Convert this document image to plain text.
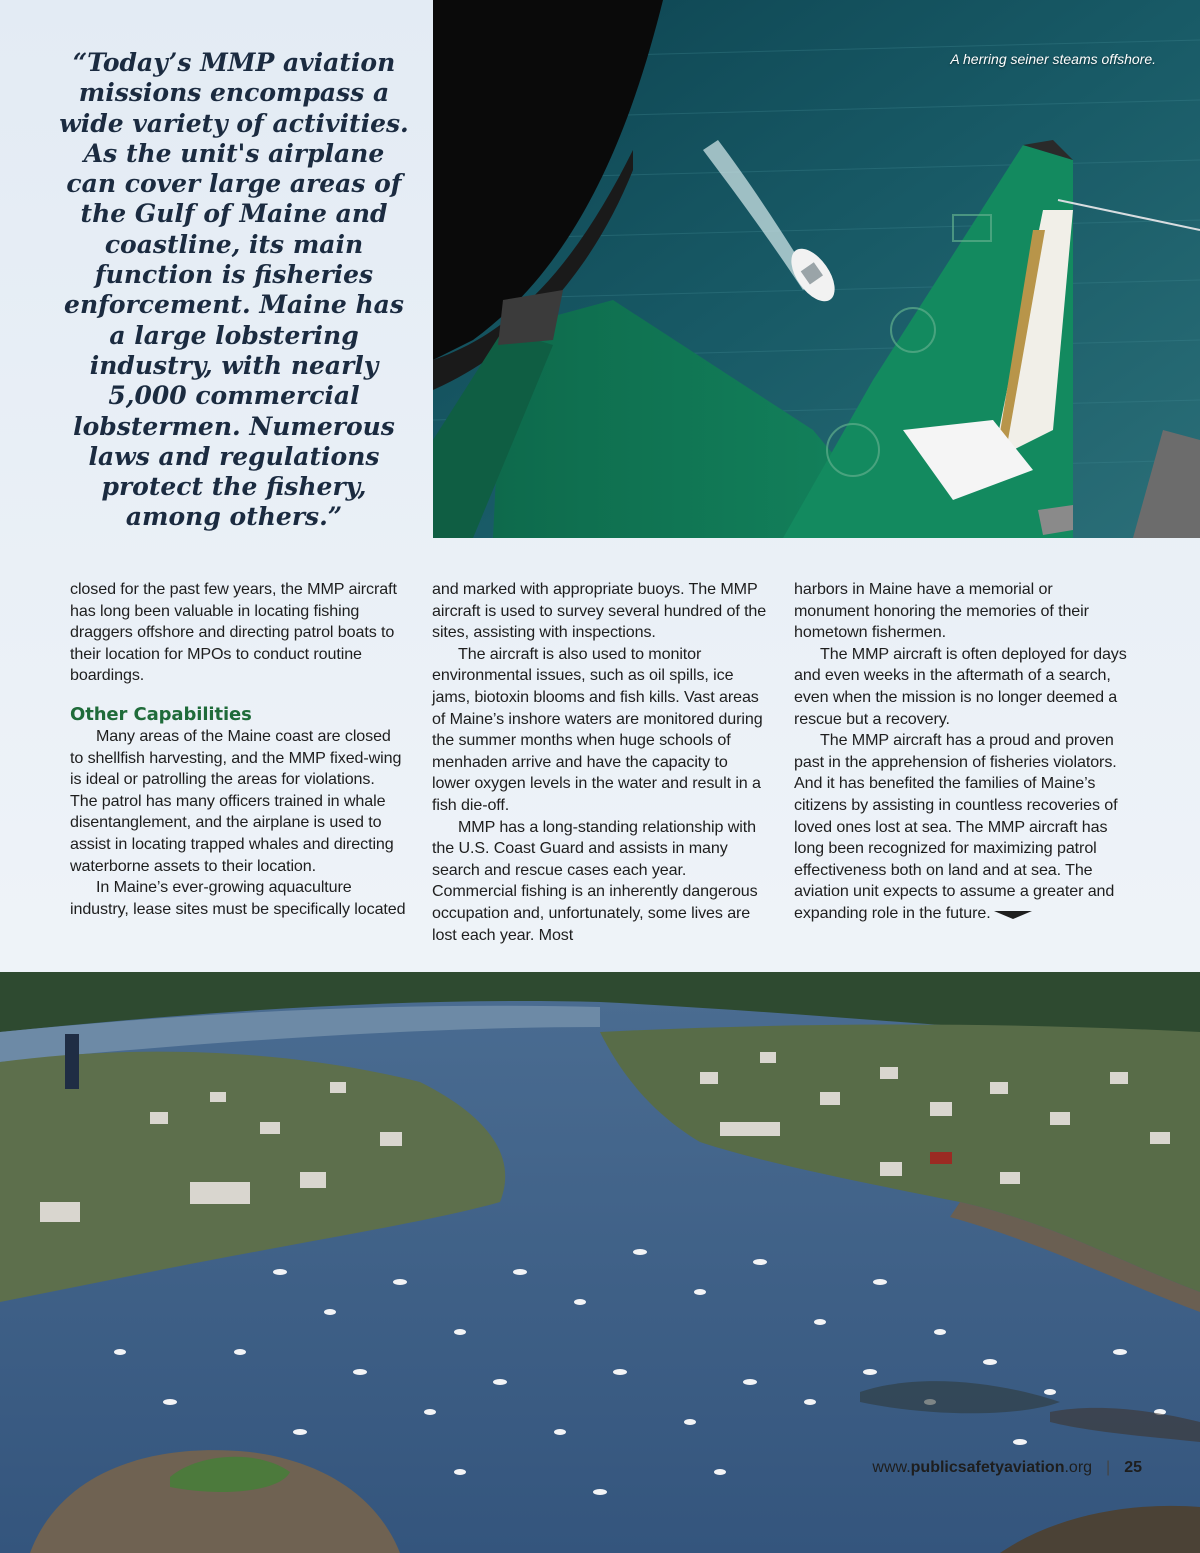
“Today’s MMP aviation missions encompass a wide variety of activities. As the unit's airplane can cover large areas of the Gulf of Maine and coastline, its main function is fisheries enforcement. Maine has a large lobstering industry, with nearly 5,000 commercial lobstermen. Numerous laws and regulations protect the fishery, among others.”
A herring seiner steams offshore.

closed for the past few years, the MMP aircraft has long been valuable in locating fishing draggers offshore and directing patrol boats to their location for MPOs to conduct routine boardings.

Other Capabilities

Many areas of the Maine coast are closed to shellfish harvesting, and the MMP fixed-wing is ideal or patrolling the areas for violations. The patrol has many officers trained in whale disentanglement, and the airplane is used to assist in locating trapped whales and directing waterborne assets to their location.

In Maine’s ever-growing aquaculture industry, lease sites must be specifically located

and marked with appropriate buoys. The MMP aircraft is used to survey several hundred of the sites, assisting with inspections.

The aircraft is also used to monitor environmental issues, such as oil spills, ice jams, biotoxin blooms and fish kills. Vast areas of Maine’s inshore waters are monitored during the summer months when huge schools of menhaden arrive and have the capacity to lower oxygen levels in the water and result in a fish die-off.

MMP has a long-standing relationship with the U.S. Coast Guard and assists in many search and rescue cases each year. Commercial fishing is an inherently dangerous occupation and, unfortunately, some lives are lost each year. Most

harbors in Maine have a memorial or monument honoring the memories of their hometown fishermen.

The MMP aircraft is often deployed for days and even weeks in the aftermath of a search, even when the mission is no longer deemed a rescue but a recovery.

The MMP aircraft has a proud and proven past in the apprehension of fisheries violators. And it has benefited the families of Maine’s citizens by assisting in countless recoveries of loved ones lost at sea. The MMP aircraft has long been recognized for maximizing patrol effectiveness both on land and at sea. The aviation unit expects to assume a greater and expanding role in the future.

www.publicsafetyaviation.org | 25
